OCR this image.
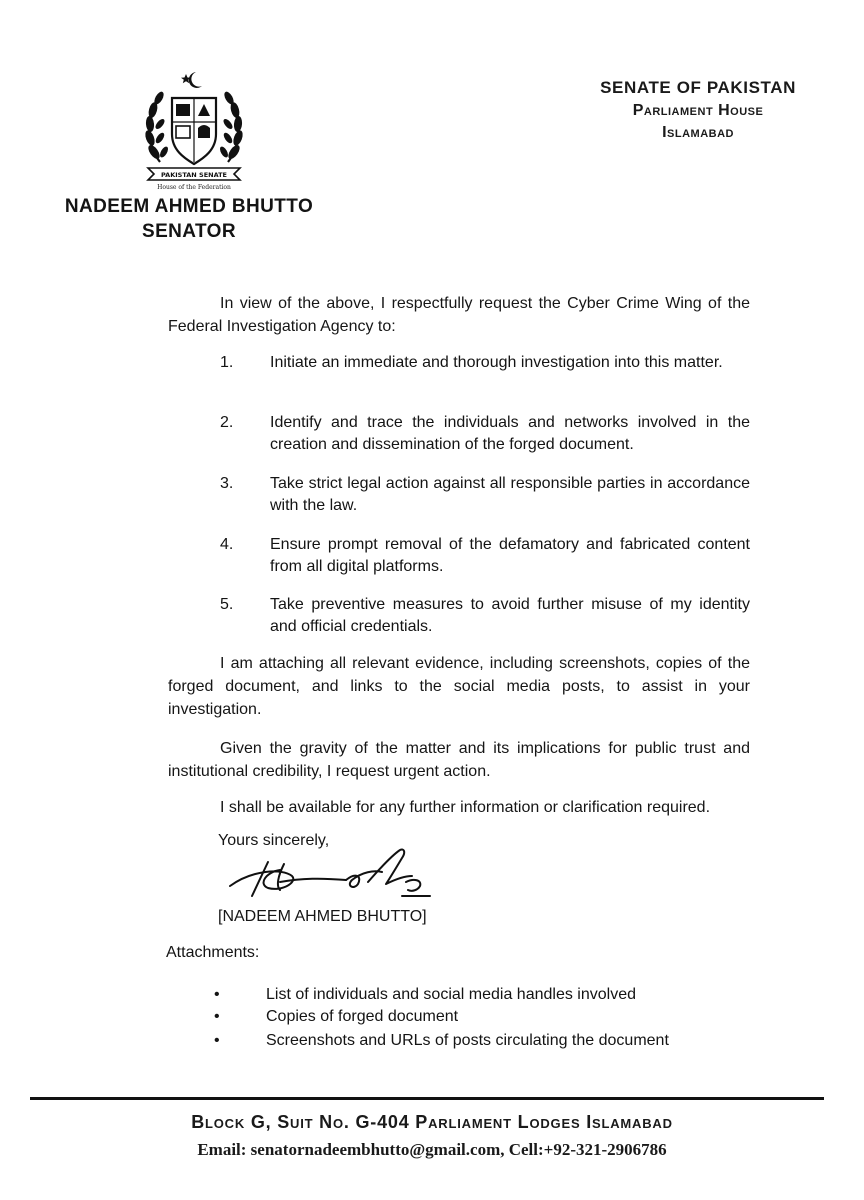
PAKISTAN SENATE
House of the Federation
SENATE OF PAKISTAN
Parliament House
Islamabad
NADEEM AHMED BHUTTO
SENATOR
In view of the above, I respectfully request the Cyber Crime Wing of the Federal Investigation Agency to:
1.	Initiate an immediate and thorough investigation into this matter.
2.	Identify and trace the individuals and networks involved in the creation and dissemination of the forged document.
3.	Take strict legal action against all responsible parties in accordance with the law.
4.	Ensure prompt removal of the defamatory and fabricated content from all digital platforms.
5.	Take preventive measures to avoid further misuse of my identity and official credentials.
I am attaching all relevant evidence, including screenshots, copies of the forged document, and links to the social media posts, to assist in your investigation.
Given the gravity of the matter and its implications for public trust and institutional credibility, I request urgent action.
I shall be available for any further information or clarification required.
Yours sincerely,
[NADEEM AHMED BHUTTO]
Attachments:
•	List of individuals and social media handles involved
•	Copies of forged document
•	Screenshots and URLs of posts circulating the document
Block G, Suit No. G-404 Parliament Lodges Islamabad
Email: senatornadeembhutto@gmail.com, Cell:+92-321-2906786
